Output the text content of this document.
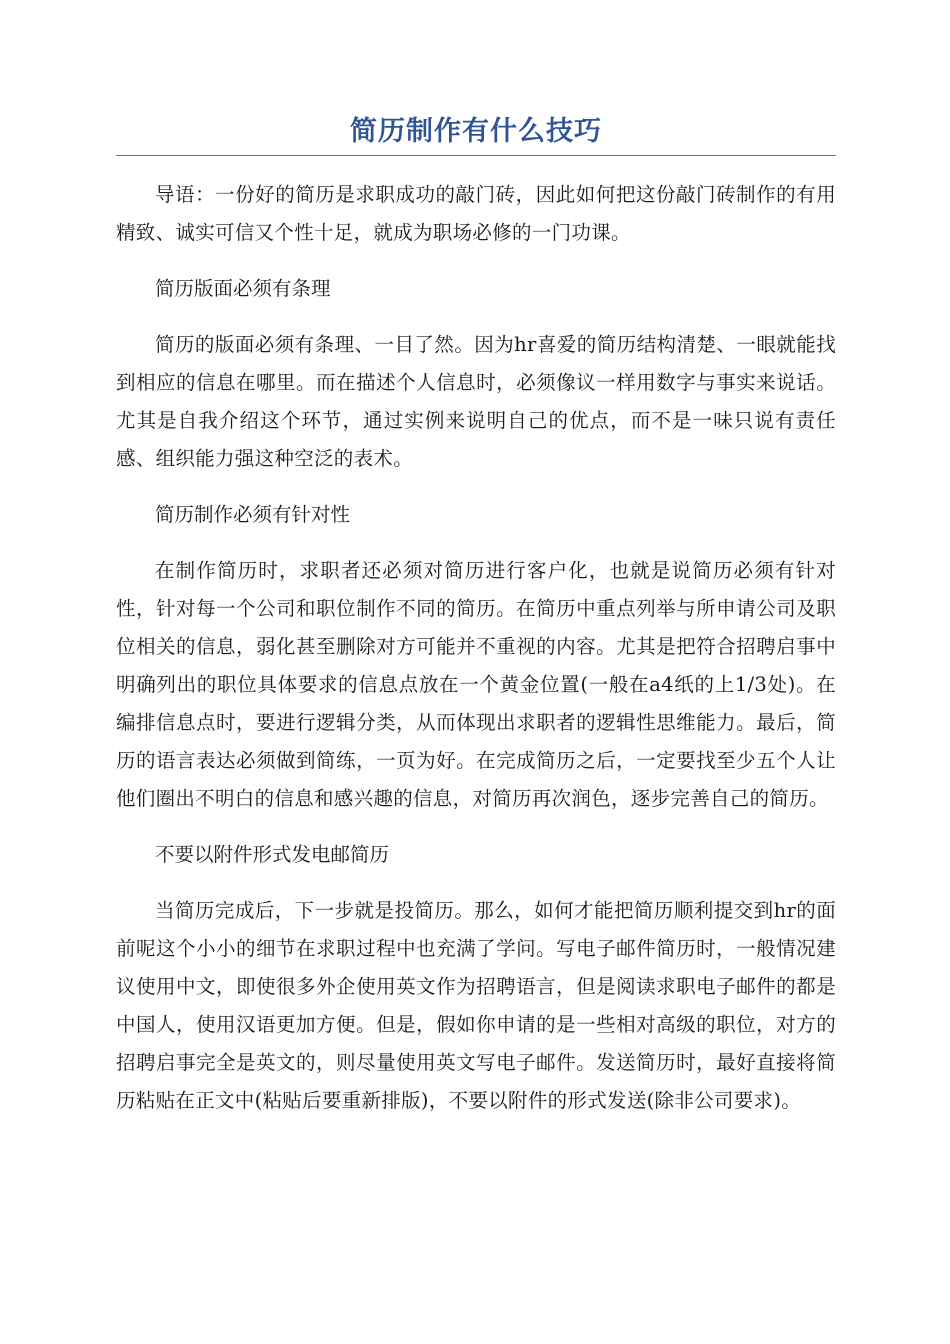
简历制作有什么技巧

导语：一份好的简历是求职成功的敲门砖，因此如何把这份敲门砖制作的有用精致、诚实可信又个性十足，就成为职场必修的一门功课。

简历版面必须有条理

简历的版面必须有条理、一目了然。因为hr喜爱的简历结构清楚、一眼就能找到相应的信息在哪里。而在描述个人信息时，必须像议一样用数字与事实来说话。尤其是自我介绍这个环节，通过实例来说明自己的优点，而不是一味只说有责任感、组织能力强这种空泛的表术。

简历制作必须有针对性

在制作简历时，求职者还必须对简历进行客户化，也就是说简历必须有针对性，针对每一个公司和职位制作不同的简历。在简历中重点列举与所申请公司及职位相关的信息，弱化甚至删除对方可能并不重视的内容。尤其是把符合招聘启事中明确列出的职位具体要求的信息点放在一个黄金位置(一般在a4纸的上1/3处)。在编排信息点时，要进行逻辑分类，从而体现出求职者的逻辑性思维能力。最后，简历的语言表达必须做到简练，一页为好。在完成简历之后，一定要找至少五个人让他们圈出不明白的信息和感兴趣的信息，对简历再次润色，逐步完善自己的简历。

不要以附件形式发电邮简历

当简历完成后，下一步就是投简历。那么，如何才能把简历顺利提交到hr的面前呢这个小小的细节在求职过程中也充满了学问。写电子邮件简历时，一般情况建议使用中文，即使很多外企使用英文作为招聘语言，但是阅读求职电子邮件的都是中国人，使用汉语更加方便。但是，假如你申请的是一些相对高级的职位，对方的招聘启事完全是英文的，则尽量使用英文写电子邮件。发送简历时，最好直接将简历粘贴在正文中(粘贴后要重新排版)，不要以附件的形式发送(除非公司要求)。
